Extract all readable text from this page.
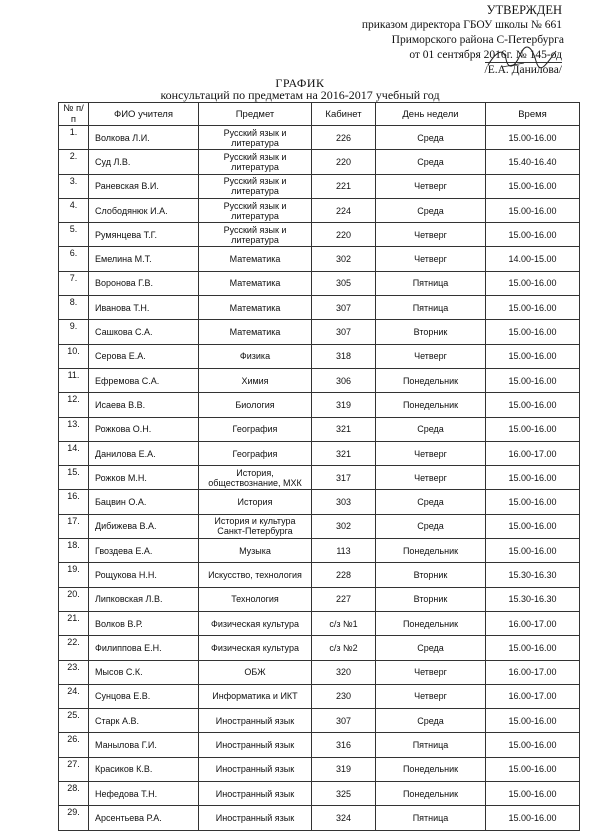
УТВЕРЖДЕН
приказом директора ГБОУ школы № 661
Приморского района С-Петербурга
от 01 сентября 2016г. № 145-од
/Е.А. Данилова/
ГРАФИК
консультаций по предметам на 2016-2017 учебный год
№ п/п	ФИО учителя	Предмет	Кабинет	День недели	Время
1.	Волкова Л.И.	Русский язык и литература	226	Среда	15.00-16.00
2.	Суд Л.В.	Русский язык и литература	220	Среда	15.40-16.40
3.	Раневская В.И.	Русский язык и литература	221	Четверг	15.00-16.00
4.	Слободянюк И.А.	Русский язык и литература	224	Среда	15.00-16.00
5.	Румянцева Т.Г.	Русский язык и литература	220	Четверг	15.00-16.00
6.	Емелина М.Т.	Математика	302	Четверг	14.00-15.00
7.	Воронова Г.В.	Математика	305	Пятница	15.00-16.00
8.	Иванова Т.Н.	Математика	307	Пятница	15.00-16.00
9.	Сашкова С.А.	Математика	307	Вторник	15.00-16.00
10.	Серова Е.А.	Физика	318	Четверг	15.00-16.00
11.	Ефремова С.А.	Химия	306	Понедельник	15.00-16.00
12.	Исаева В.В.	Биология	319	Понедельник	15.00-16.00
13.	Рожкова О.Н.	География	321	Среда	15.00-16.00
14.	Данилова Е.А.	География	321	Четверг	16.00-17.00
15.	Рожков М.Н.	История, обществознание, МХК	317	Четверг	15.00-16.00
16.	Бацвин О.А.	История	303	Среда	15.00-16.00
17.	Дибижева В.А.	История и культура Санкт-Петербурга	302	Среда	15.00-16.00
18.	Гвоздева Е.А.	Музыка	113	Понедельник	15.00-16.00
19.	Рощукова Н.Н.	Искусство, технология	228	Вторник	15.30-16.30
20.	Липковская Л.В.	Технология	227	Вторник	15.30-16.30
21.	Волков В.Р.	Физическая культура	с/з №1	Понедельник	16.00-17.00
22.	Филиппова Е.Н.	Физическая культура	с/з №2	Среда	15.00-16.00
23.	Мысов С.К.	ОБЖ	320	Четверг	16.00-17.00
24.	Сунцова Е.В.	Информатика и ИКТ	230	Четверг	16.00-17.00
25.	Старк А.В.	Иностранный язык	307	Среда	15.00-16.00
26.	Манылова Г.И.	Иностранный язык	316	Пятница	15.00-16.00
27.	Красиков К.В.	Иностранный язык	319	Понедельник	15.00-16.00
28.	Нефедова Т.Н.	Иностранный язык	325	Понедельник	15.00-16.00
29.	Арсентьева Р.А.	Иностранный язык	324	Пятница	15.00-16.00
